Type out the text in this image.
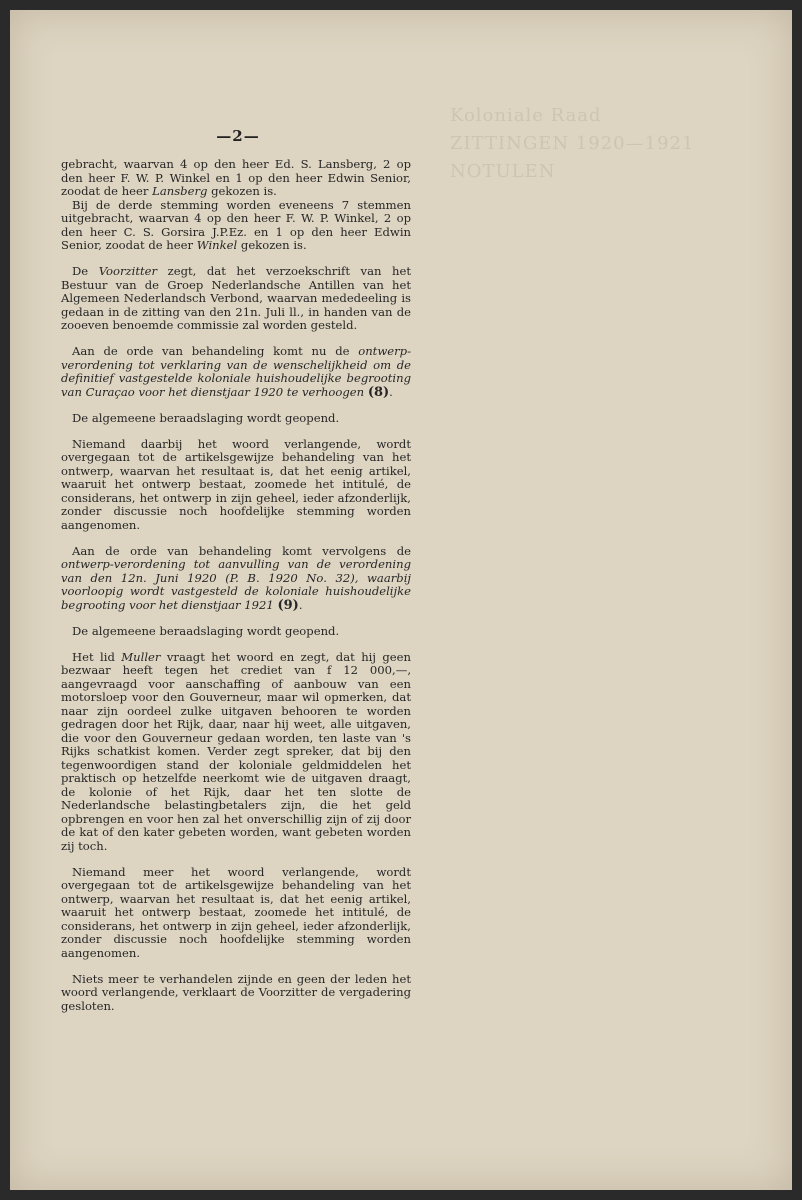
Koloniale Raad
ZITTINGEN 1920—1921
NOTULEN
—2—

gebracht, waarvan 4 op den heer Ed. S. Lansberg, 2 op den heer F. W. P. Winkel en 1 op den heer Edwin Senior, zoodat de heer Lansberg gekozen is.

Bij de derde stemming worden eveneens 7 stemmen uitgebracht, waarvan 4 op den heer F. W. P. Winkel, 2 op den heer C. S. Gorsira J.P.Ez. en 1 op den heer Edwin Senior, zoodat de heer Winkel gekozen is.

De Voorzitter zegt, dat het verzoekschrift van het Bestuur van de Groep Nederlandsche Antillen van het Algemeen Nederlandsch Verbond, waarvan mededeeling is gedaan in de zitting van den 21n. Juli ll., in handen van de zooeven benoemde commissie zal worden gesteld.

Aan de orde van behandeling komt nu de ontwerp-verordening tot verklaring van de wenschelijkheid om de definitief vastgestelde koloniale huishoudelijke begrooting van Curaçao voor het dienstjaar 1920 te verhoogen (8).

De algemeene beraadslaging wordt geopend.

Niemand daarbij het woord verlangende, wordt overgegaan tot de artikelsgewijze behandeling van het ontwerp, waarvan het resultaat is, dat het eenig artikel, waaruit het ontwerp bestaat, zoomede het intitulé, de considerans, het ontwerp in zijn geheel, ieder afzonderlijk, zonder discussie noch hoofdelijke stemming worden aangenomen.

Aan de orde van behandeling komt vervolgens de ontwerp-verordening tot aanvulling van de verordening van den 12n. Juni 1920 (P. B. 1920 No. 32), waarbij voorloopig wordt vastgesteld de koloniale huishoudelijke begrooting voor het dienstjaar 1921 (9).

De algemeene beraadslaging wordt geopend.

Het lid Muller vraagt het woord en zegt, dat hij geen bezwaar heeft tegen het crediet van f 12 000,—, aangevraagd voor aanschaffing of aanbouw van een motorsloep voor den Gouverneur, maar wil opmerken, dat naar zijn oordeel zulke uitgaven behooren te worden gedragen door het Rijk, daar, naar hij weet, alle uitgaven, die voor den Gouverneur gedaan worden, ten laste van 's Rijks schatkist komen. Verder zegt spreker, dat bij den tegenwoordigen stand der koloniale geldmiddelen het praktisch op hetzelfde neerkomt wie de uitgaven draagt, de kolonie of het Rijk, daar het ten slotte de Nederlandsche belastingbetalers zijn, die het geld opbrengen en voor hen zal het onverschillig zijn of zij door de kat of den kater gebeten worden, want gebeten worden zij toch.

Niemand meer het woord verlangende, wordt overgegaan tot de artikelsgewijze behandeling van het ontwerp, waarvan het resultaat is, dat het eenig artikel, waaruit het ontwerp bestaat, zoomede het intitulé, de considerans, het ontwerp in zijn geheel, ieder afzonderlijk, zonder discussie noch hoofdelijke stemming worden aangenomen.

Niets meer te verhandelen zijnde en geen der leden het woord verlangende, verklaart de Voorzitter de vergadering gesloten.
